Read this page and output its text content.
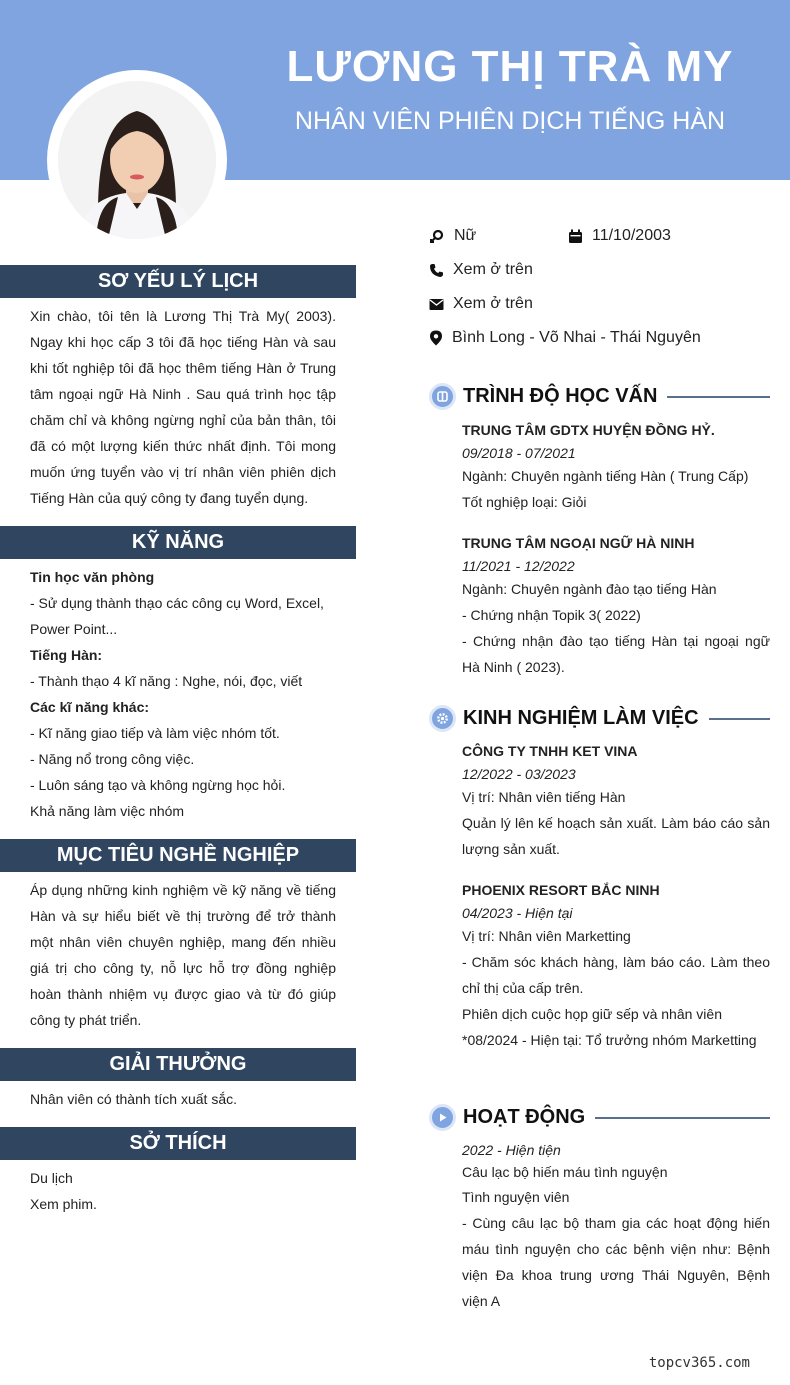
LƯƠNG THỊ TRÀ MY
NHÂN VIÊN PHIÊN DỊCH TIẾNG HÀN
Nữ	11/10/2003
Xem ở trên
Xem ở trên
Bình Long - Võ Nhai - Thái Nguyên
SƠ YẾU LÝ LỊCH
Xin chào, tôi tên là Lương Thị Trà My( 2003). Ngay khi học cấp 3 tôi đã học tiếng Hàn và sau khi tốt nghiệp tôi đã học thêm tiếng Hàn ở Trung tâm ngoại ngữ Hà Ninh . Sau quá trình học tập chăm chỉ và không ngừng nghỉ của bản thân, tôi đã có một lượng kiến thức nhất định. Tôi mong muốn ứng tuyển vào vị trí nhân viên phiên dịch Tiếng Hàn của quý công ty đang tuyển dụng.
KỸ NĂNG
Tin học văn phòng
- Sử dụng thành thạo các công cụ Word, Excel,
Power Point...
Tiếng Hàn:
- Thành thạo 4 kĩ năng : Nghe, nói, đọc, viết
Các kĩ năng khác:
- Kĩ năng giao tiếp và làm việc nhóm tốt.
- Năng nổ trong công việc.
- Luôn sáng tạo và không ngừng học hỏi.
Khả năng làm việc nhóm
MỤC TIÊU NGHỀ NGHIỆP
Áp dụng những kinh nghiệm về kỹ năng về tiếng Hàn và sự hiểu biết về thị trường để trở thành một nhân viên chuyên nghiệp, mang đến nhiều giá trị cho công ty, nỗ lực hỗ trợ đồng nghiệp hoàn thành nhiệm vụ được giao và từ đó giúp công ty phát triển.
GIẢI THƯỞNG
Nhân viên có thành tích xuất sắc.
SỞ THÍCH
Du lịch
Xem phim.
TRÌNH ĐỘ HỌC VẤN
TRUNG TÂM GDTX HUYỆN ĐỒNG HỶ.
09/2018 - 07/2021
Ngành: Chuyên ngành tiếng Hàn ( Trung Cấp)
Tốt nghiệp loại: Giỏi
TRUNG TÂM NGOẠI NGỮ HÀ NINH
11/2021 - 12/2022
Ngành: Chuyên ngành đào tạo tiếng Hàn
- Chứng nhận Topik 3( 2022)
- Chứng nhận đào tạo tiếng Hàn tại ngoại ngữ Hà Ninh ( 2023).
KINH NGHIỆM LÀM VIỆC
CÔNG TY TNHH KET VINA
12/2022 - 03/2023
Vị trí: Nhân viên tiếng Hàn
Quản lý lên kế hoạch sản xuất. Làm báo cáo sản lượng sản xuất.
PHOENIX RESORT BẮC NINH
04/2023 - Hiện tại
Vị trí: Nhân viên Marketting
- Chăm sóc khách hàng, làm báo cáo. Làm theo chỉ thị của cấp trên.
Phiên dịch cuộc họp giữ sếp và nhân viên
*08/2024 - Hiện tại: Tổ trưởng nhóm Marketting
HOẠT ĐỘNG
2022 - Hiện tiện
Câu lạc bộ hiến máu tình nguyện
Tình nguyện viên
- Cùng câu lạc bộ tham gia các hoạt động hiến máu tình nguyện cho các bệnh viện như: Bệnh viện Đa khoa trung ương Thái Nguyên, Bệnh viện A
topcv365.com
